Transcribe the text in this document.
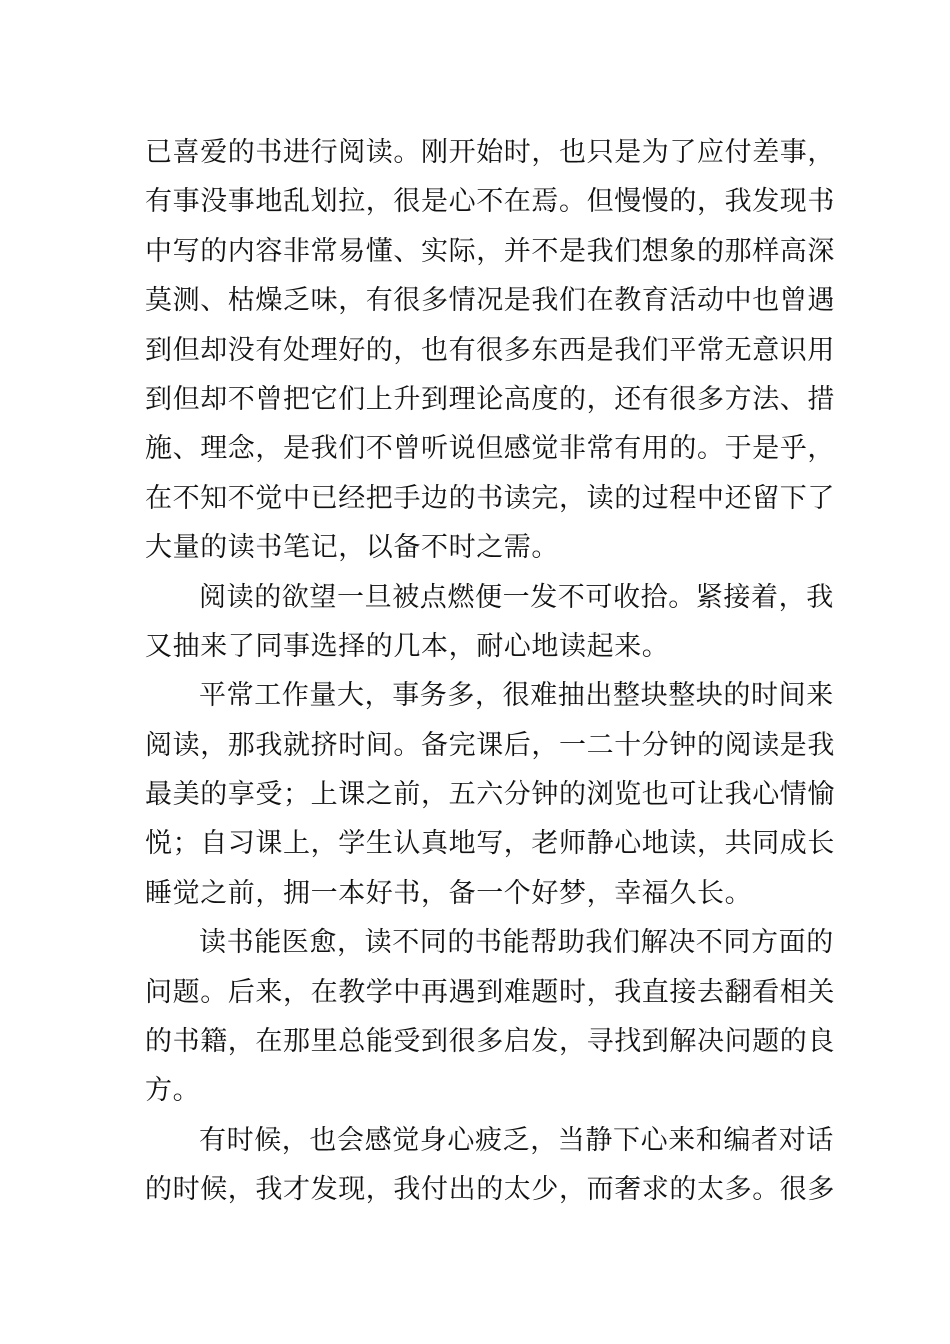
已喜爱的书进行阅读。刚开始时，也只是为了应付差事，
有事没事地乱划拉，很是心不在焉。但慢慢的，我发现书
中写的内容非常易懂、实际，并不是我们想象的那样高深
莫测、枯燥乏味，有很多情况是我们在教育活动中也曾遇
到但却没有处理好的，也有很多东西是我们平常无意识用
到但却不曾把它们上升到理论高度的，还有很多方法、措
施、理念，是我们不曾听说但感觉非常有用的。于是乎，
在不知不觉中已经把手边的书读完，读的过程中还留下了
大量的读书笔记，以备不时之需。
阅读的欲望一旦被点燃便一发不可收拾。紧接着，我
又抽来了同事选择的几本，耐心地读起来。
平常工作量大，事务多，很难抽出整块整块的时间来
阅读，那我就挤时间。备完课后，一二十分钟的阅读是我
最美的享受；上课之前，五六分钟的浏览也可让我心情愉
悦；自习课上，学生认真地写，老师静心地读，共同成长
睡觉之前，拥一本好书，备一个好梦，幸福久长。
读书能医愈，读不同的书能帮助我们解决不同方面的
问题。后来，在教学中再遇到难题时，我直接去翻看相关
的书籍，在那里总能受到很多启发，寻找到解决问题的良
方。
有时候，也会感觉身心疲乏，当静下心来和编者对话
的时候，我才发现，我付出的太少，而奢求的太多。很多
